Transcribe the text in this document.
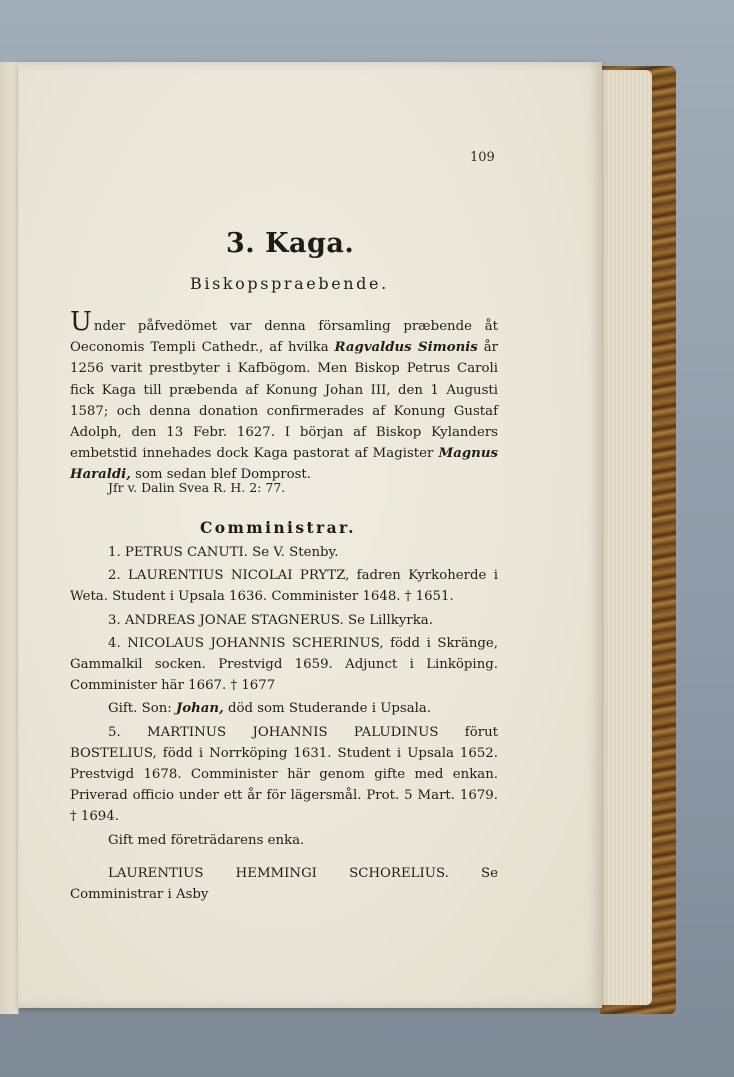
109
3. Kaga.
Biskopspraebende.

Under påfvedömet var denna församling præbende åt Oeconomis Templi Cathedr., af hvilka Ragvaldus Simonis år 1256 varit prestbyter i Kafbögom. Men Biskop Petrus Caroli fick Kaga till præbenda af Konung Johan III, den 1 Augusti 1587; och denna donation confirmerades af Konung Gustaf Adolph, den 13 Febr. 1627. I början af Biskop Kylanders embetstid innehades dock Kaga pastorat af Magister Magnus Haraldi, som sedan blef Domprost.

Jfr v. Dalin Svea R. H. 2: 77.
Comministrar.
1. PETRUS CANUTI. Se V. Stenby.
2. LAURENTIUS NICOLAI PRYTZ, fadren Kyrkoherde i Weta. Student i Upsala 1636. Comminister 1648. † 1651.
3. ANDREAS JONAE STAGNERUS. Se Lillkyrka.
4. NICOLAUS JOHANNIS SCHERINUS, född i Skränge, Gammalkil socken. Prestvigd 1659. Adjunct i Linköping. Comminister här 1667. † 1677
Gift. Son: Johan, död som Studerande i Upsala.
5. MARTINUS JOHANNIS PALUDINUS förut BOSTELIUS, född i Norrköping 1631. Student i Upsala 1652. Prestvigd 1678. Comminister här genom gifte med enkan. Priverad officio under ett år för lägersmål. Prot. 5 Mart. 1679. † 1694.
Gift med företrädarens enka.
LAURENTIUS HEMMINGI SCHORELIUS. Se Comministrar i Asby
